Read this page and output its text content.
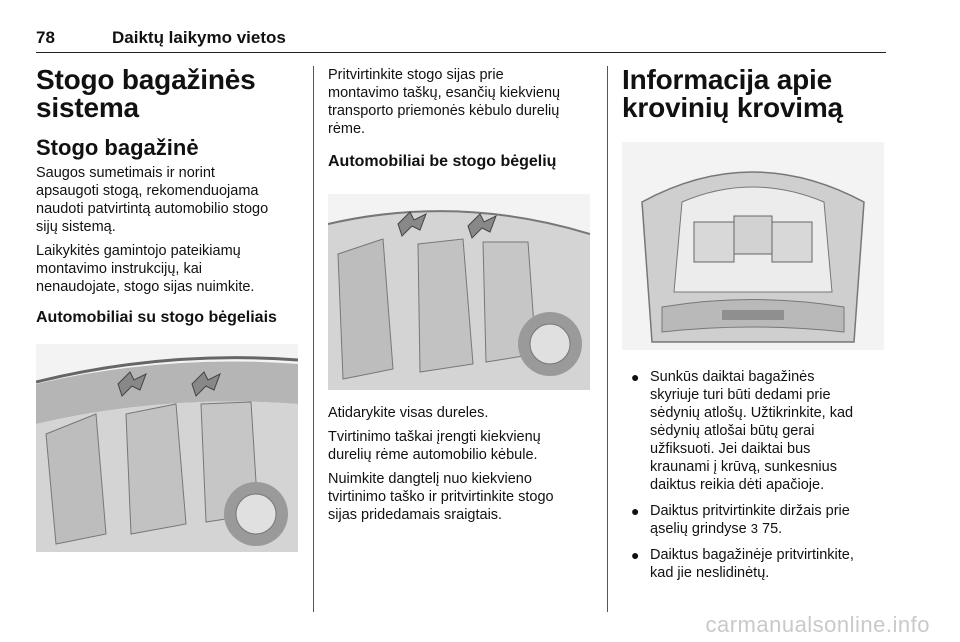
78	Daiktų laikymo vietos
Stogo bagažinės
sistema
Stogo bagažinė

Saugos sumetimais ir norint
apsaugoti stogą, rekomenduojama
naudoti patvirtintą automobilio stogo
sijų sistemą.

Laikykitės gamintojo pateikiamų
montavimo instrukcijų, kai
nenaudojate, stogo sijas nuimkite.

Automobiliai su stogo bėgeliais

Pritvirtinkite stogo sijas prie
montavimo taškų, esančių kiekvienų
transporto priemonės kėbulo durelių
rėme.

Automobiliai be stogo bėgelių

Atidarykite visas dureles.

Tvirtinimo taškai įrengti kiekvienų
durelių rėme automobilio kėbule.

Nuimkite dangtelį nuo kiekvieno
tvirtinimo taško ir pritvirtinkite stogo
sijas pridedamais sraigtais.

Informacija apie
krovinių krovimą
● Sunkūs daiktai bagažinės
skyriuje turi būti dedami prie
sėdynių atlošų. Užtikrinkite, kad
sėdynių atlošai būtų gerai
užfiksuoti. Jei daiktai bus
kraunami į krūvą, sunkesnius
daiktus reikia dėti apačioje.
● Daiktus pritvirtinkite diržais prie
ąselių grindyse 3 75.
● Daiktus bagažinėje pritvirtinkite,
kad jie neslidinėtų.
carmanualsonline.info
